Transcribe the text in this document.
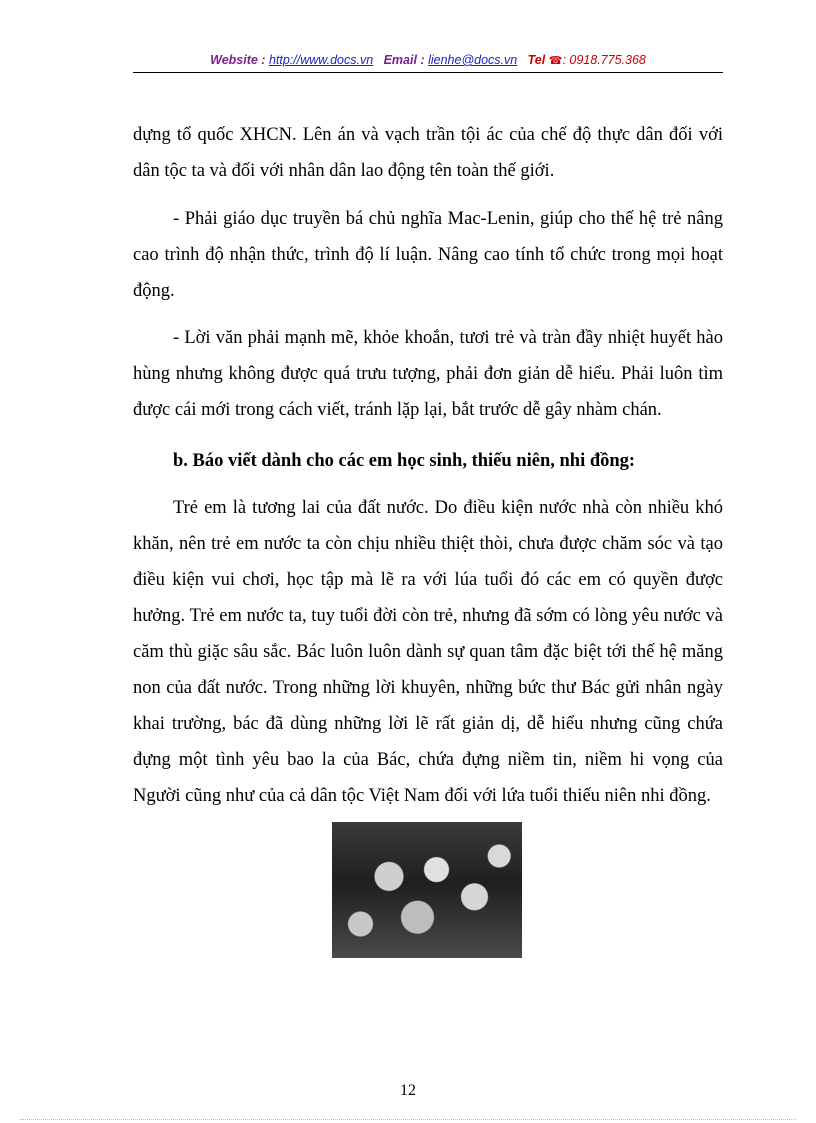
Website : http://www.docs.vn Email : lienhe@docs.vn Tel ☎: 0918.775.368

dựng tổ quốc XHCN. Lên án và vạch trần tội ác của chế độ thực dân đối với dân tộc ta và đối với nhân dân lao động tên toàn thế giới.

- Phải giáo dục truyền bá chủ nghĩa Mac-Lenin, giúp cho thế hệ trẻ nâng cao trình độ nhận thức, trình độ lí luận. Nâng cao tính tổ chức trong mọi hoạt động.

- Lời văn phải mạnh mẽ, khỏe khoắn, tươi trẻ và tràn đầy nhiệt huyết hào hùng nhưng không được quá trưu tượng, phải đơn giản dễ hiểu. Phải luôn tìm được cái mới trong cách viết, tránh lặp lại, bắt trước dễ gây nhàm chán.

b. Báo viết dành cho các em học sinh, thiếu niên, nhi đồng:

Trẻ em là tương lai của đất nước. Do điều kiện nước nhà còn nhiều khó khăn, nên trẻ em nước ta còn chịu nhiều thiệt thòi, chưa được chăm sóc và tạo điều kiện vui chơi, học tập mà lẽ ra với lúa tuổi đó các em có quyền được hưởng. Trẻ em nước ta, tuy tuổi đời còn trẻ, nhưng đã sớm có lòng yêu nước và căm thù giặc sâu sắc. Bác luôn luôn dành sự quan tâm đặc biệt tới thế hệ măng non của đất nước. Trong những lời khuyên, những bức thư Bác gửi nhân ngày khai trường, bác đã dùng những lời lẽ rất giản dị, dễ hiểu nhưng cũng chứa đựng một tình yêu bao la của Bác, chứa đựng niềm tin, niềm hi vọng của Người cũng như của cả dân tộc Việt Nam đối với lứa tuổi thiếu niên nhi đồng.

12
